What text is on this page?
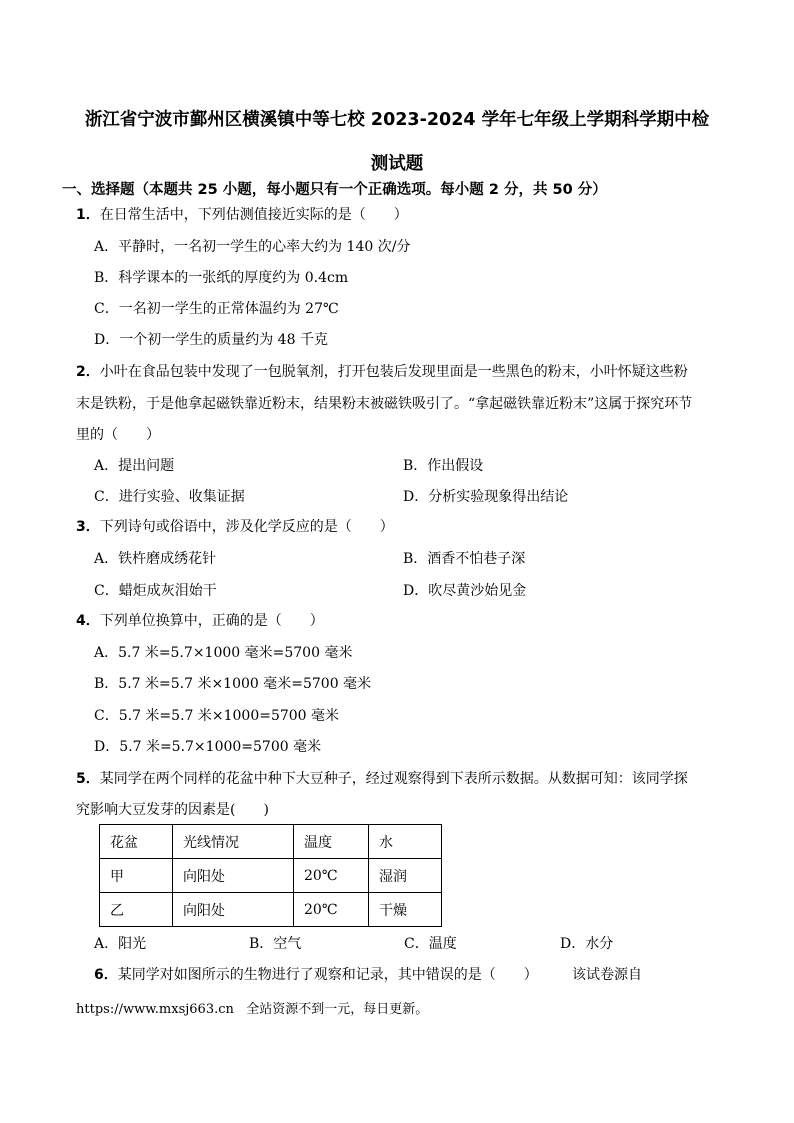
浙江省宁波市鄞州区横溪镇中等七校 2023-2024 学年七年级上学期科学期中检
测试题
一、选择题（本题共 25 小题，每小题只有一个正确选项。每小题 2 分，共 50 分）
1．在日常生活中，下列估测值接近实际的是（　　）
A．平静时，一名初一学生的心率大约为 140 次/分
B．科学课本的一张纸的厚度约为 0.4cm
C．一名初一学生的正常体温约为 27℃
D．一个初一学生的质量约为 48 千克
2．小叶在食品包装中发现了一包脱氧剂，打开包装后发现里面是一些黑色的粉末，小叶怀疑这些粉
末是铁粉，于是他拿起磁铁靠近粉末，结果粉末被磁铁吸引了。“拿起磁铁靠近粉末”这属于探究环节
里的（　　）
A．提出问题	B．作出假设
C．进行实验、收集证据	D．分析实验现象得出结论
3．下列诗句或俗语中，涉及化学反应的是（　　）
A．铁杵磨成绣花针	B．酒香不怕巷子深
C．蜡炬成灰泪始干	D．吹尽黄沙始见金
4．下列单位换算中，正确的是（　　）
A．5.7 米=5.7×1000 毫米=5700 毫米
B．5.7 米=5.7 米×1000 毫米=5700 毫米
C．5.7 米=5.7 米×1000=5700 毫米
D．5.7 米=5.7×1000=5700 毫米
5．某同学在两个同样的花盆中种下大豆种子，经过观察得到下表所示数据。从数据可知：该同学探
究影响大豆发芽的因素是(　　)
花盆	光线情况	温度	水
甲	向阳处	20℃	湿润
乙	向阳处	20℃	干燥
A．阳光	B．空气	C．温度	D．水分
6．某同学对如图所示的生物进行了观察和记录，其中错误的是（　　） 该试卷源自
https://www.mxsj663.cn 全站资源不到一元，每日更新。
